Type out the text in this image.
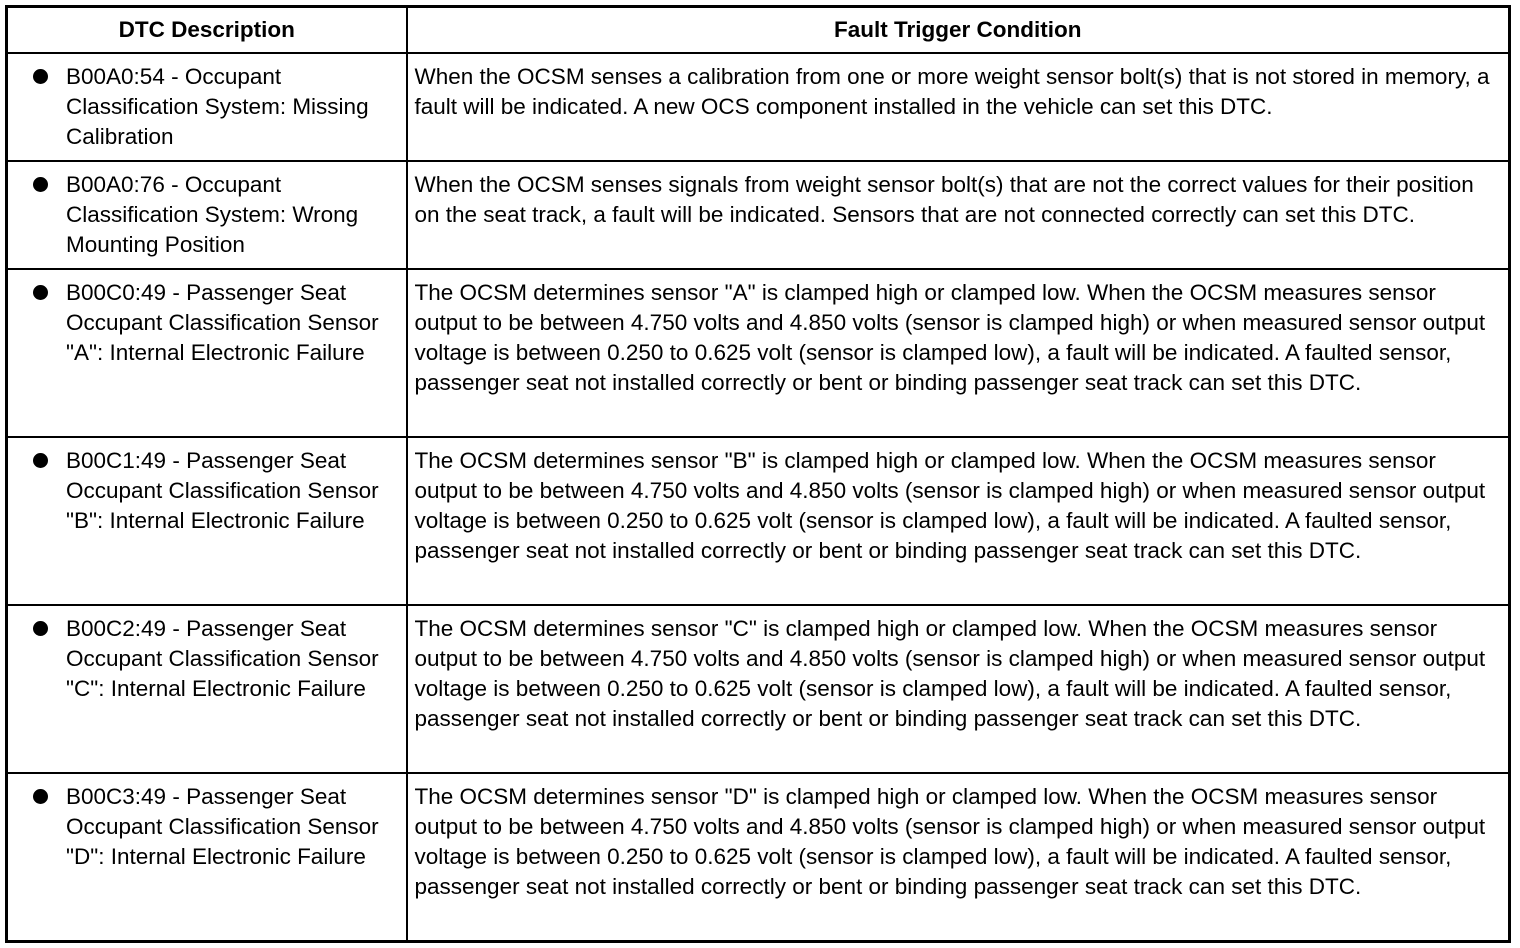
DTC Description	Fault Trigger Condition

B00A0:54 - Occupant Classification System: Missing Calibration	When the OCSM senses a calibration from one or more weight sensor bolt(s) that is not stored in memory, a fault will be indicated. A new OCS component installed in the vehicle can set this DTC.

B00A0:76 - Occupant Classification System: Wrong Mounting Position	When the OCSM senses signals from weight sensor bolt(s) that are not the correct values for their position on the seat track, a fault will be indicated. Sensors that are not connected correctly can set this DTC.

B00C0:49 - Passenger Seat Occupant Classification Sensor "A": Internal Electronic Failure	The OCSM determines sensor "A" is clamped high or clamped low. When the OCSM measures sensor output to be between 4.750 volts and 4.850 volts (sensor is clamped high) or when measured sensor output voltage is between 0.250 to 0.625 volt (sensor is clamped low), a fault will be indicated. A faulted sensor, passenger seat not installed correctly or bent or binding passenger seat track can set this DTC.

B00C1:49 - Passenger Seat Occupant Classification Sensor "B": Internal Electronic Failure	The OCSM determines sensor "B" is clamped high or clamped low. When the OCSM measures sensor output to be between 4.750 volts and 4.850 volts (sensor is clamped high) or when measured sensor output voltage is between 0.250 to 0.625 volt (sensor is clamped low), a fault will be indicated. A faulted sensor, passenger seat not installed correctly or bent or binding passenger seat track can set this DTC.

B00C2:49 - Passenger Seat Occupant Classification Sensor "C": Internal Electronic Failure	The OCSM determines sensor "C" is clamped high or clamped low. When the OCSM measures sensor output to be between 4.750 volts and 4.850 volts (sensor is clamped high) or when measured sensor output voltage is between 0.250 to 0.625 volt (sensor is clamped low), a fault will be indicated. A faulted sensor, passenger seat not installed correctly or bent or binding passenger seat track can set this DTC.

B00C3:49 - Passenger Seat Occupant Classification Sensor "D": Internal Electronic Failure	The OCSM determines sensor "D" is clamped high or clamped low. When the OCSM measures sensor output to be between 4.750 volts and 4.850 volts (sensor is clamped high) or when measured sensor output voltage is between 0.250 to 0.625 volt (sensor is clamped low), a fault will be indicated. A faulted sensor, passenger seat not installed correctly or bent or binding passenger seat track can set this DTC.
